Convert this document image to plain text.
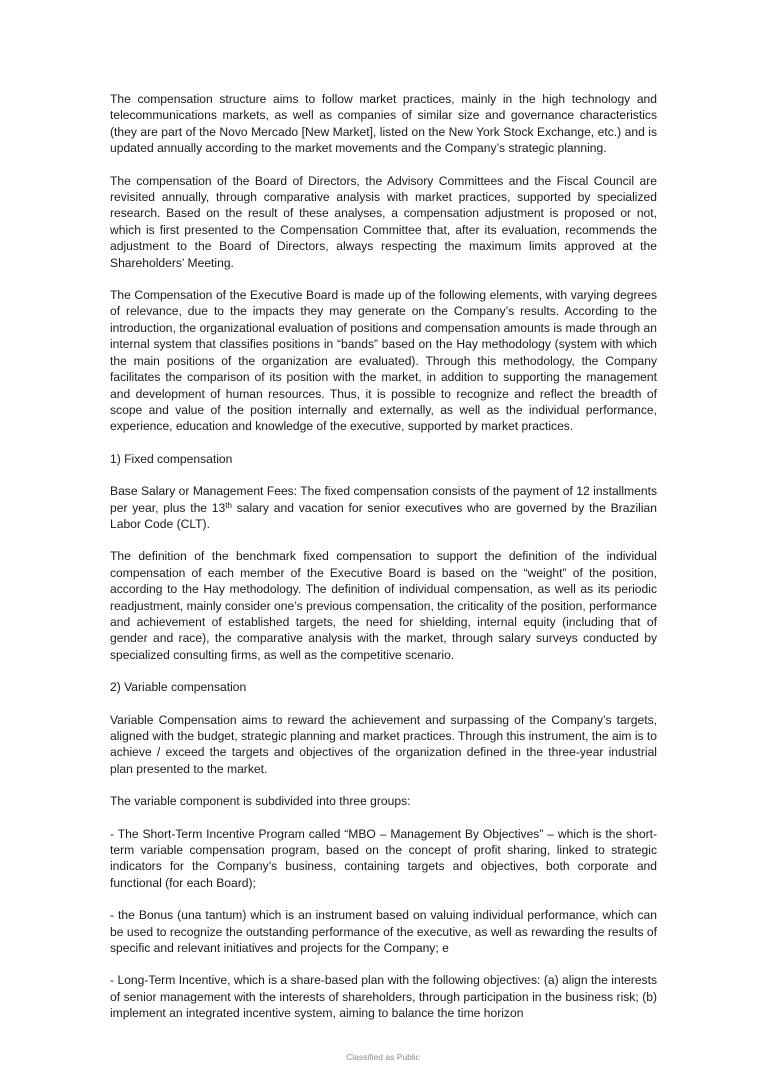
The compensation structure aims to follow market practices, mainly in the high technology and telecommunications markets, as well as companies of similar size and governance characteristics (they are part of the Novo Mercado [New Market], listed on the New York Stock Exchange, etc.) and is updated annually according to the market movements and the Company’s strategic planning.

The compensation of the Board of Directors, the Advisory Committees and the Fiscal Council are revisited annually, through comparative analysis with market practices, supported by specialized research. Based on the result of these analyses, a compensation adjustment is proposed or not, which is first presented to the Compensation Committee that, after its evaluation, recommends the adjustment to the Board of Directors, always respecting the maximum limits approved at the Shareholders’ Meeting.

The Compensation of the Executive Board is made up of the following elements, with varying degrees of relevance, due to the impacts they may generate on the Company’s results. According to the introduction, the organizational evaluation of positions and compensation amounts is made through an internal system that classifies positions in “bands” based on the Hay methodology (system with which the main positions of the organization are evaluated). Through this methodology, the Company facilitates the comparison of its position with the market, in addition to supporting the management and development of human resources. Thus, it is possible to recognize and reflect the breadth of scope and value of the position internally and externally, as well as the individual performance, experience, education and knowledge of the executive, supported by market practices.

1) Fixed compensation

Base Salary or Management Fees: The fixed compensation consists of the payment of 12 installments per year, plus the 13th salary and vacation for senior executives who are governed by the Brazilian Labor Code (CLT).

The definition of the benchmark fixed compensation to support the definition of the individual compensation of each member of the Executive Board is based on the “weight” of the position, according to the Hay methodology. The definition of individual compensation, as well as its periodic readjustment, mainly consider one’s previous compensation, the criticality of the position, performance and achievement of established targets, the need for shielding, internal equity (including that of gender and race), the comparative analysis with the market, through salary surveys conducted by specialized consulting firms, as well as the competitive scenario.

2) Variable compensation

Variable Compensation aims to reward the achievement and surpassing of the Company’s targets, aligned with the budget, strategic planning and market practices. Through this instrument, the aim is to achieve / exceed the targets and objectives of the organization defined in the three-year industrial plan presented to the market.

The variable component is subdivided into three groups:

- The Short-Term Incentive Program called “MBO – Management By Objectives” – which is the short-term variable compensation program, based on the concept of profit sharing, linked to strategic indicators for the Company’s business, containing targets and objectives, both corporate and functional (for each Board);

- the Bonus (una tantum) which is an instrument based on valuing individual performance, which can be used to recognize the outstanding performance of the executive, as well as rewarding the results of specific and relevant initiatives and projects for the Company; e

- Long-Term Incentive, which is a share-based plan with the following objectives: (a) align the interests of senior management with the interests of shareholders, through participation in the business risk; (b) implement an integrated incentive system, aiming to balance the time horizon

Classified as Public
